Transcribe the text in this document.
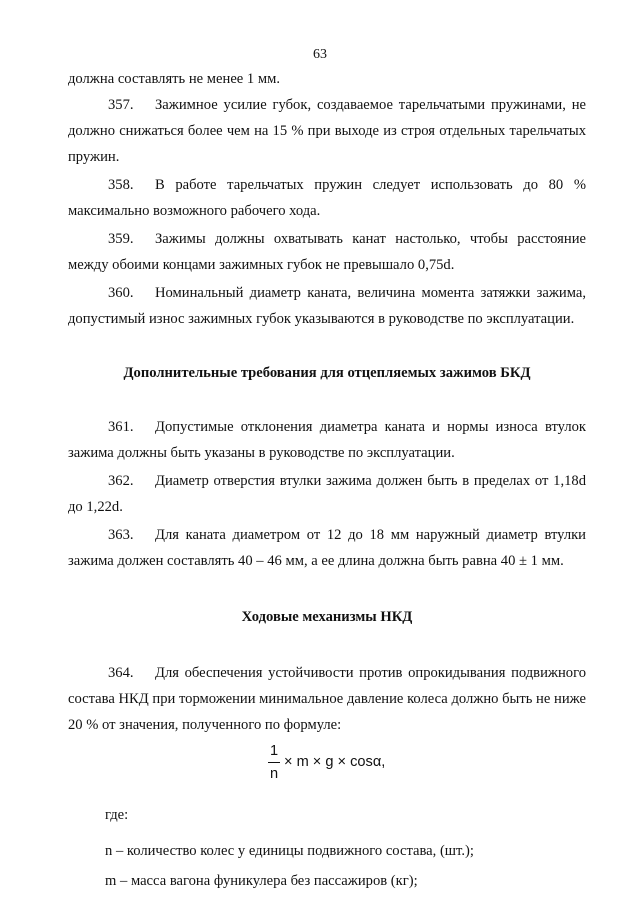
63

должна составлять не менее 1 мм.

357. Зажимное усилие губок, создаваемое тарельчатыми пружинами, не должно снижаться более чем на 15 % при выходе из строя отдельных тарельчатых пружин.

358. В работе тарельчатых пружин следует использовать до 80 % максимально возможного рабочего хода.

359. Зажимы должны охватывать канат настолько, чтобы расстояние между обоими концами зажимных губок не превышало 0,75d.

360. Номинальный диаметр каната, величина момента затяжки зажима, допустимый износ зажимных губок указываются в руководстве по эксплуатации.

Дополнительные требования для отцепляемых зажимов БКД

361. Допустимые отклонения диаметра каната и нормы износа втулок зажима должны быть указаны в руководстве по эксплуатации.

362. Диаметр отверстия втулки зажима должен быть в пределах от 1,18d до 1,22d.

363. Для каната диаметром от 12 до 18 мм наружный диаметр втулки зажима должен составлять 40 – 46 мм, а ее длина должна быть равна 40 ± 1 мм.

Ходовые механизмы НКД

364. Для обеспечения устойчивости против опрокидывания подвижного состава НКД при торможении минимальное давление колеса должно быть не ниже 20 % от значения, полученного по формуле:

1
n
× m × g × cosα,

где:

n – количество колес у единицы подвижного состава, (шт.);

m – масса вагона фуникулера без пассажиров (кг);
